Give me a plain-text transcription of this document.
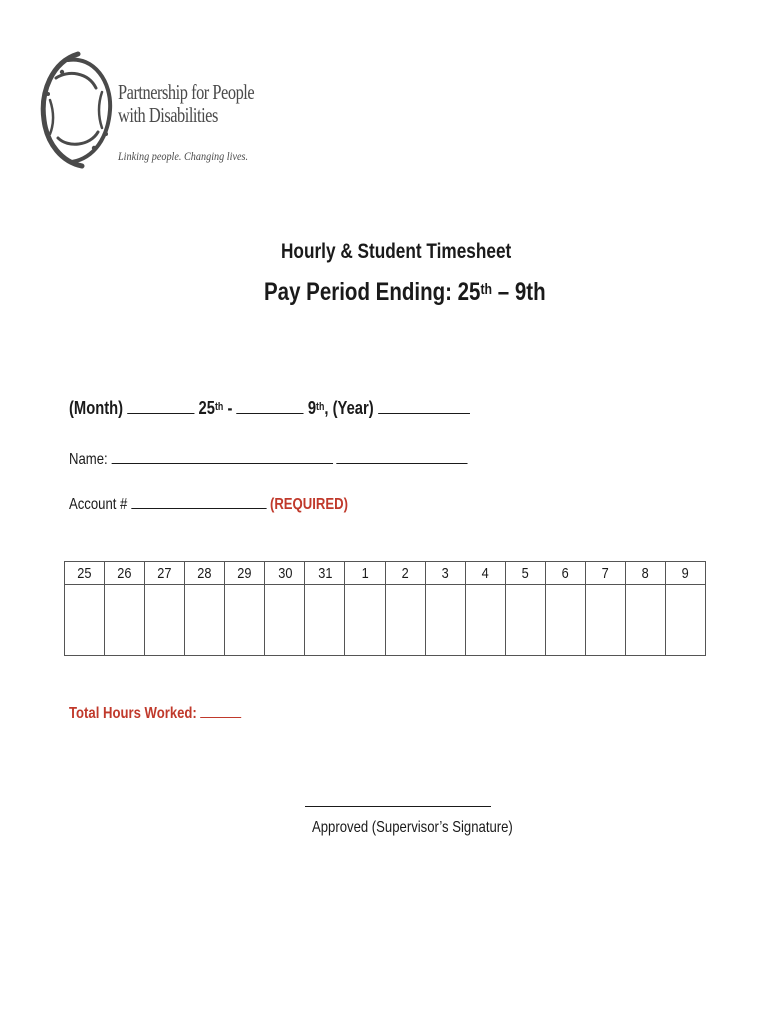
Partnership for People
with Disabilities
Linking people. Changing lives.
Hourly & Student Timesheet
Pay Period Ending: 25th – 9th
(Month)	25th -	9th, (Year)
Name:
Account #	(REQUIRED)
25	26	27	28	29	30	31	1	2	3	4	5	6	7	8	9

Total Hours Worked:
Approved (Supervisor’s Signature)
